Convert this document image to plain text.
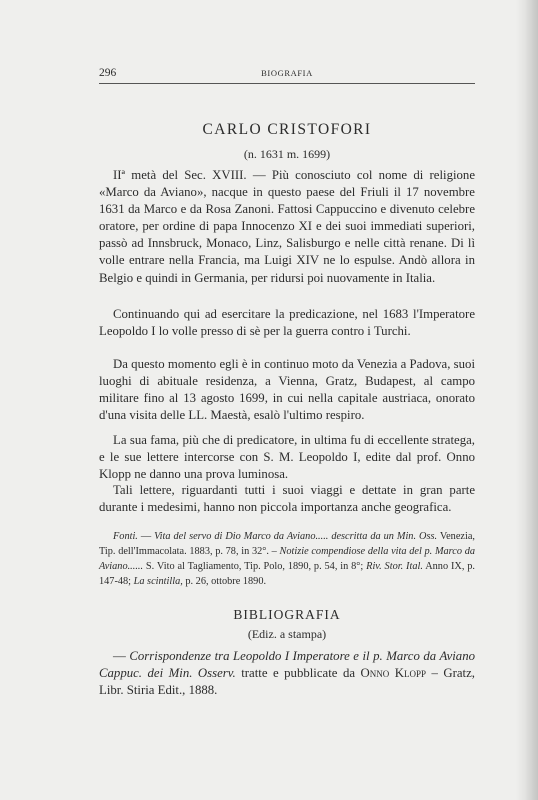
296	BIOGRAFIA
CARLO CRISTOFORI
(n. 1631 m. 1699)

IIª metà del Sec. XVIII. — Più conosciuto col nome di religione «Marco da Aviano», nacque in questo paese del Friuli il 17 novembre 1631 da Marco e da Rosa Zanoni. Fattosi Cappuccino e divenuto celebre oratore, per ordine di papa Innocenzo XI e dei suoi immediati superiori, passò ad Innsbruck, Monaco, Linz, Salisburgo e nelle città renane. Di lì volle entrare nella Francia, ma Luigi XIV ne lo espulse. Andò allora in Belgio e quindi in Germania, per ridursi poi nuovamente in Italia.

Continuando qui ad esercitare la predicazione, nel 1683 l'Imperatore Leopoldo I lo volle presso di sè per la guerra contro i Turchi.

Da questo momento egli è in continuo moto da Venezia a Padova, suoi luoghi di abituale residenza, a Vienna, Gratz, Budapest, al campo militare fino al 13 agosto 1699, in cui nella capitale austriaca, onorato d'una visita delle LL. Maestà, esalò l'ultimo respiro.

La sua fama, più che di predicatore, in ultima fu di eccellente stratega, e le sue lettere intercorse con S. M. Leopoldo I, edite dal prof. Onno Klopp ne danno una prova luminosa.

Tali lettere, riguardanti tutti i suoi viaggi e dettate in gran parte durante i medesimi, hanno non piccola importanza anche geografica.

Fonti. — Vita del servo di Dio Marco da Aviano..... descritta da un Min. Oss. Venezia, Tip. dell'Immacolata. 1883, p. 78, in 32°. – Notizie compendiose della vita del p. Marco da Aviano...... S. Vito al Tagliamento, Tip. Polo, 1890, p. 54, in 8°; Riv. Stor. Ital. Anno IX, p. 147-48; La scintilla, p. 26, ottobre 1890.

BIBLIOGRAFIA
(Ediz. a stampa)

— Corrispondenze tra Leopoldo I Imperatore e il p. Marco da Aviano Cappuc. dei Min. Osserv. tratte e pubblicate da Onno Klopp – Gratz, Libr. Stiria Edit., 1888.
